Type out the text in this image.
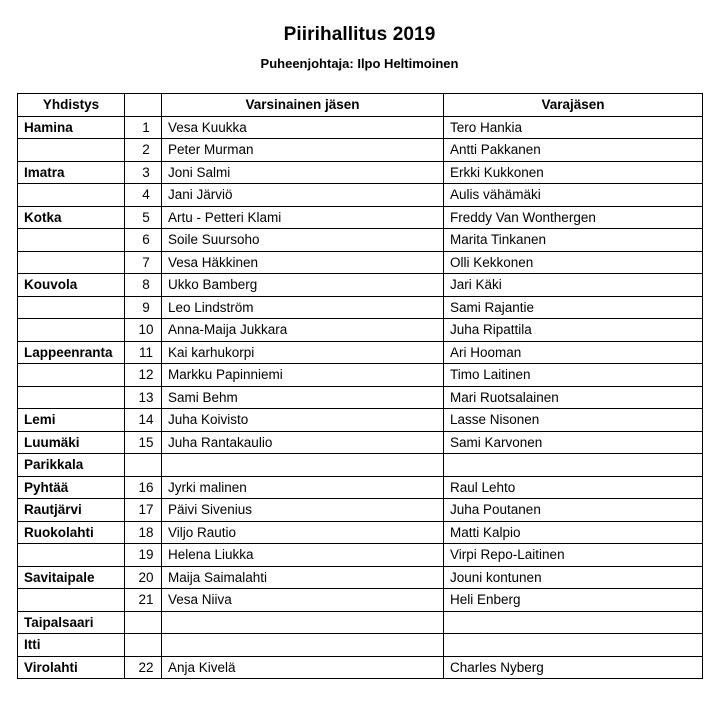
Piirihallitus 2019
Puheenjohtaja: Ilpo Heltimoinen
Yhdistys		Varsinainen jäsen	Varajäsen
Hamina	1	Vesa Kuukka	Tero Hankia
	2	Peter Murman	Antti Pakkanen
Imatra	3	Joni Salmi	Erkki Kukkonen
	4	Jani Järviö	Aulis vähämäki
Kotka	5	Artu - Petteri Klami	Freddy Van Wonthergen
	6	Soile Suursoho	Marita Tinkanen
	7	Vesa Häkkinen	Olli Kekkonen
Kouvola	8	Ukko Bamberg	Jari Käki
	9	Leo Lindström	Sami Rajantie
	10	Anna-Maija Jukkara	Juha Ripattila
Lappeenranta	11	Kai karhukorpi	Ari Hooman
	12	Markku Papinniemi	Timo Laitinen
	13	Sami Behm	Mari Ruotsalainen
Lemi	14	Juha Koivisto	Lasse Nisonen
Luumäki	15	Juha Rantakaulio	Sami Karvonen
Parikkala			
Pyhtää	16	Jyrki malinen	Raul Lehto
Rautjärvi	17	Päivi Sivenius	Juha Poutanen
Ruokolahti	18	Viljo Rautio	Matti Kalpio
	19	Helena Liukka	Virpi Repo-Laitinen
Savitaipale	20	Maija Saimalahti	Jouni kontunen
	21	Vesa Niiva	Heli Enberg
Taipalsaari			
Itti			
Virolahti	22	Anja Kivelä	Charles Nyberg
